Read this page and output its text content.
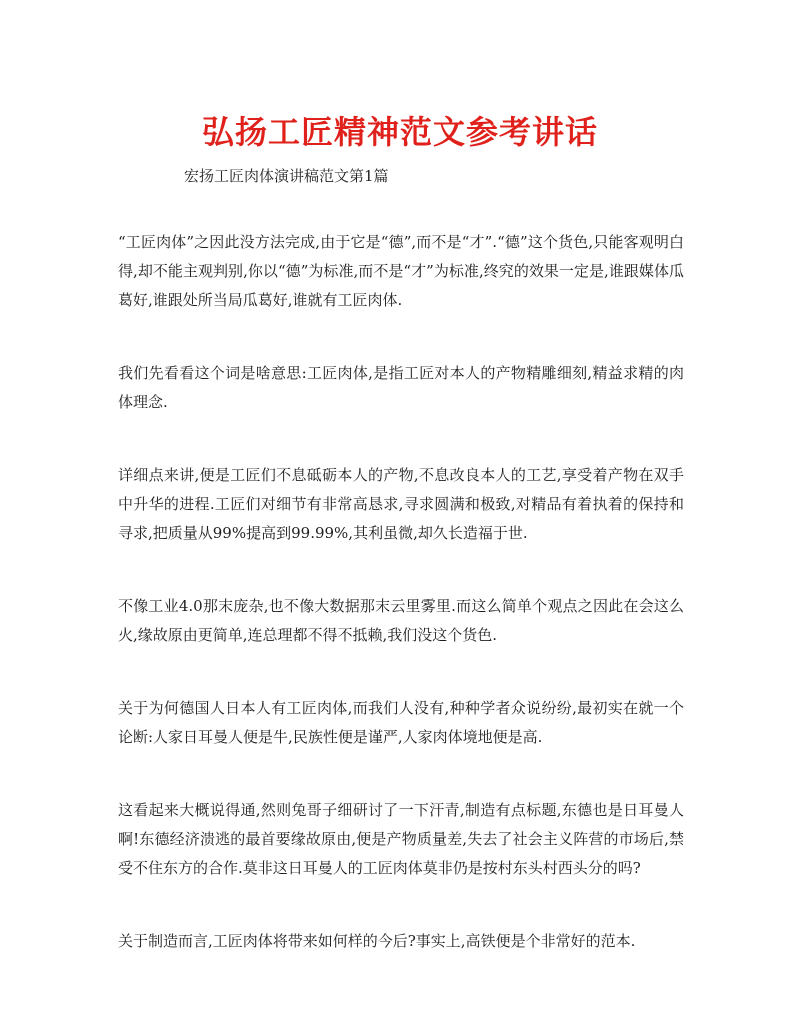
弘扬工匠精神范文参考讲话

宏扬工匠肉体演讲稿范文第1篇

“工匠肉体”之因此没方法完成,由于它是“德”,而不是“才”.“德”这个货色,只能客观明白得,却不能主观判别,你以“德”为标准,而不是“才”为标准,终究的效果一定是,谁跟媒体瓜葛好,谁跟处所当局瓜葛好,谁就有工匠肉体.

我们先看看这个词是啥意思:工匠肉体,是指工匠对本人的产物精雕细刻,精益求精的肉体理念.

详细点来讲,便是工匠们不息砥砺本人的产物,不息改良本人的工艺,享受着产物在双手中升华的进程.工匠们对细节有非常高恳求,寻求圆满和极致,对精品有着执着的保持和寻求,把质量从99%提高到99.99%,其利虽微,却久长造福于世.

不像工业4.0那末庞杂,也不像大数据那末云里雾里.而这么简单个观点之因此在会这么火,缘故原由更简单,连总理都不得不抵赖,我们没这个货色.

关于为何德国人日本人有工匠肉体,而我们人没有,种种学者众说纷纷,最初实在就一个论断:人家日耳曼人便是牛,民族性便是谨严,人家肉体境地便是高.

这看起来大概说得通,然则兔哥子细研讨了一下汗青,制造有点标题,东德也是日耳曼人啊!东德经济溃逃的最首要缘故原由,便是产物质量差,失去了社会主义阵营的市场后,禁受不住东方的合作.莫非这日耳曼人的工匠肉体莫非仍是按村东头村西头分的吗?

关于制造而言,工匠肉体将带来如何样的今后?事实上,高铁便是个非常好的范本.
